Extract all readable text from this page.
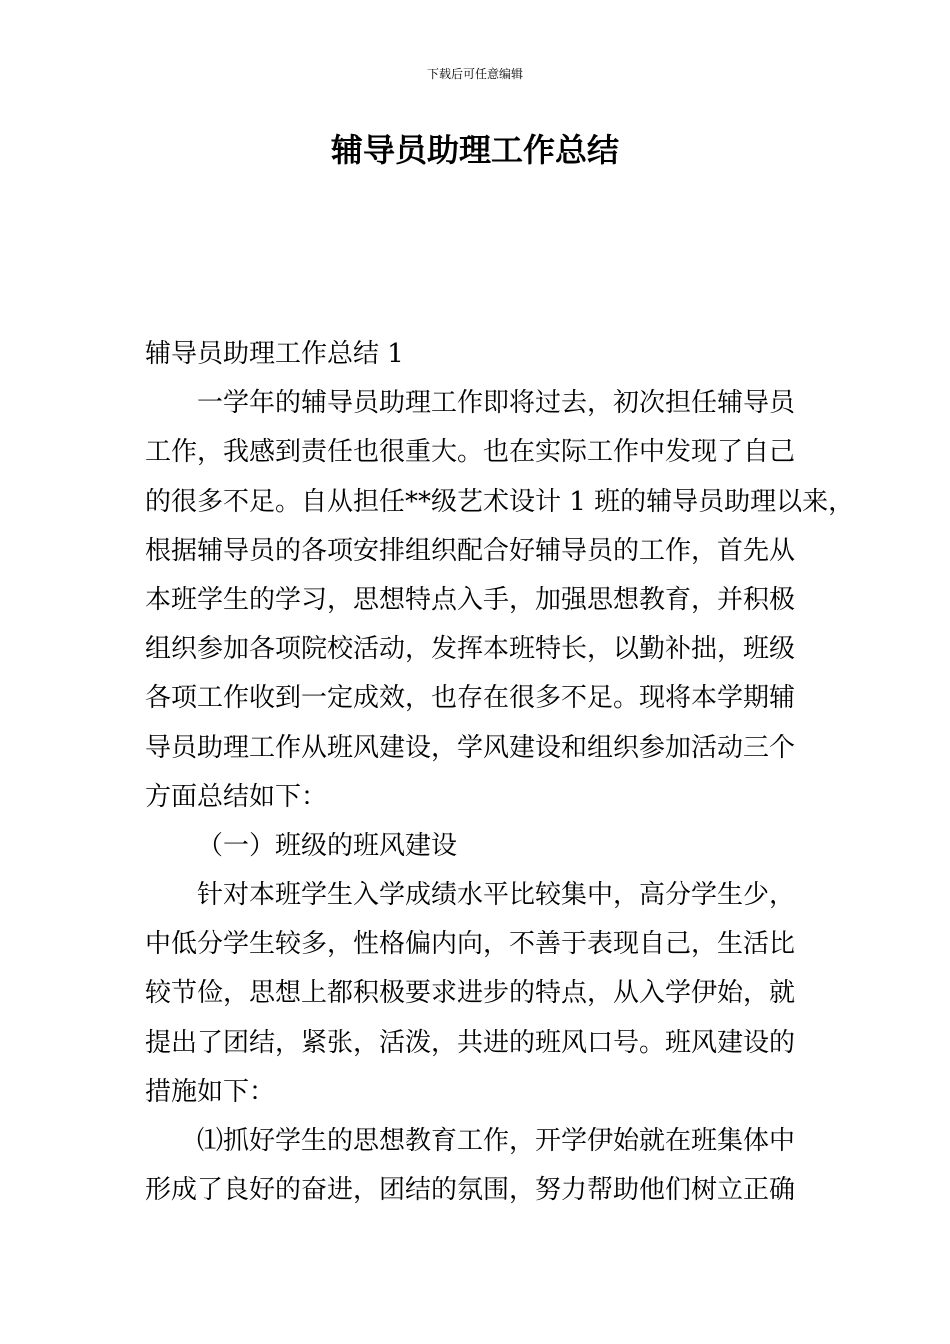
下载后可任意编辑
辅导员助理工作总结
辅导员助理工作总结 1
一学年的辅导员助理工作即将过去，初次担任辅导员
工作，我感到责任也很重大。也在实际工作中发现了自己
的很多不足。自从担任**级艺术设计 1 班的辅导员助理以来，
根据辅导员的各项安排组织配合好辅导员的工作，首先从
本班学生的学习，思想特点入手，加强思想教育，并积极
组织参加各项院校活动，发挥本班特长，以勤补拙，班级
各项工作收到一定成效，也存在很多不足。现将本学期辅
导员助理工作从班风建设，学风建设和组织参加活动三个
方面总结如下：
（一）班级的班风建设
针对本班学生入学成绩水平比较集中，高分学生少，
中低分学生较多，性格偏内向，不善于表现自己，生活比
较节俭，思想上都积极要求进步的特点，从入学伊始，就
提出了团结，紧张，活泼，共进的班风口号。班风建设的
措施如下：
⑴抓好学生的思想教育工作，开学伊始就在班集体中
形成了良好的奋进，团结的氛围，努力帮助他们树立正确
